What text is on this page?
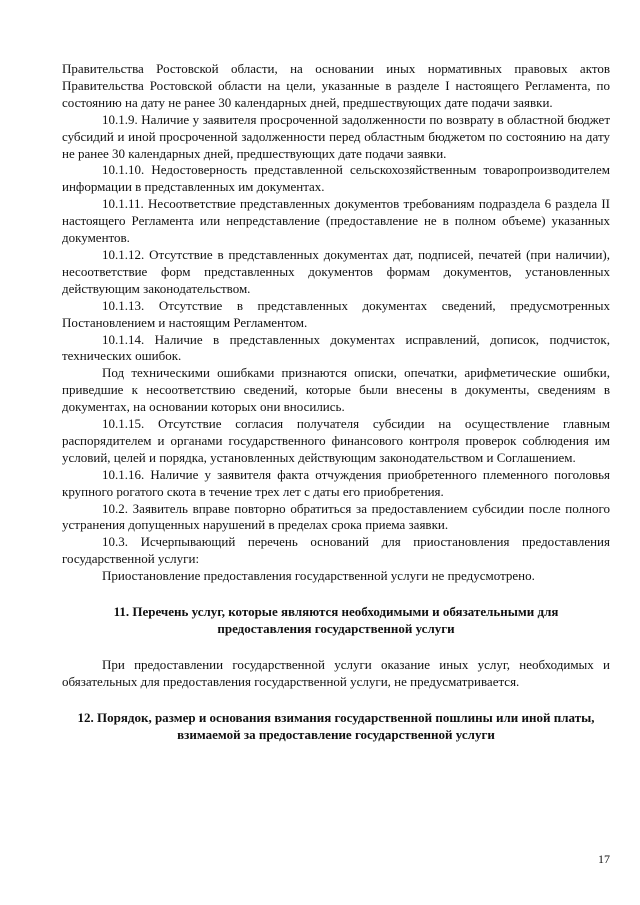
Правительства Ростовской области, на основании иных нормативных правовых актов Правительства Ростовской области на цели, указанные в разделе I настоящего Регламента, по состоянию на дату не ранее 30 календарных дней, предшествующих дате подачи заявки.

10.1.9. Наличие у заявителя просроченной задолженности по возврату в областной бюджет субсидий и иной просроченной задолженности перед областным бюджетом по состоянию на дату не ранее 30 календарных дней, предшествующих дате подачи заявки.

10.1.10. Недостоверность представленной сельскохозяйственным товаропроизводителем информации в представленных им документах.

10.1.11. Несоответствие представленных документов требованиям подраздела 6 раздела II настоящего Регламента или непредставление (предоставление не в полном объеме) указанных документов.

10.1.12. Отсутствие в представленных документах дат, подписей, печатей (при наличии), несоответствие форм представленных документов формам документов, установленных действующим законодательством.

10.1.13. Отсутствие в представленных документах сведений, предусмотренных Постановлением и настоящим Регламентом.

10.1.14. Наличие в представленных документах исправлений, дописок, подчисток, технических ошибок.

Под техническими ошибками признаются описки, опечатки, арифметические ошибки, приведшие к несоответствию сведений, которые были внесены в документы, сведениям в документах, на основании которых они вносились.

10.1.15. Отсутствие согласия получателя субсидии на осуществление главным распорядителем и органами государственного финансового контроля проверок соблюдения им условий, целей и порядка, установленных действующим законодательством и Соглашением.

10.1.16. Наличие у заявителя факта отчуждения приобретенного племенного поголовья крупного рогатого скота в течение трех лет с даты его приобретения.

10.2. Заявитель вправе повторно обратиться за предоставлением субсидии после полного устранения допущенных нарушений в пределах срока приема заявки.

10.3. Исчерпывающий перечень оснований для приостановления предоставления государственной услуги:

Приостановление предоставления государственной услуги не предусмотрено.

11. Перечень услуг, которые являются необходимыми и обязательными для предоставления государственной услуги

При предоставлении государственной услуги оказание иных услуг, необходимых и обязательных для предоставления государственной услуги, не предусматривается.

12. Порядок, размер и основания взимания государственной пошлины или иной платы, взимаемой за предоставление государственной услуги

17
